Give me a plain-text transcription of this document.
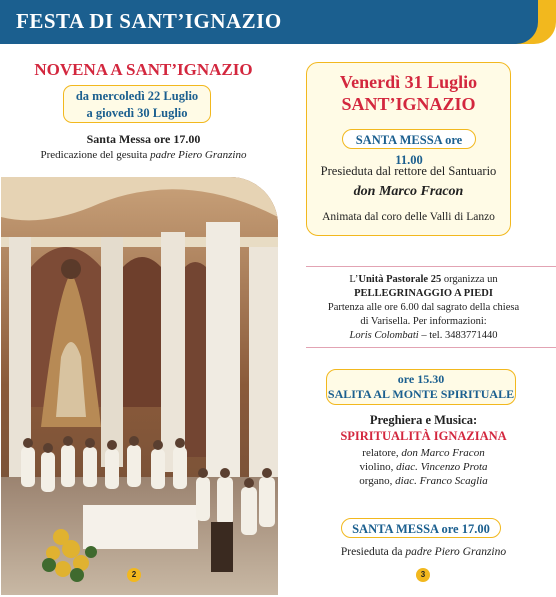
FESTA DI SANT’IGNAZIO
NOVENA A SANT’IGNAZIO
da mercoledì 22 Luglio
a giovedì 30 Luglio
Santa Messa ore 17.00
Predicazione del gesuita padre Piero Granzino
2
Venerdì 31 Luglio
SANT’IGNAZIO
SANTA MESSA ore 11.00
Presieduta dal rettore del Santuario
don Marco Fracon
Animata dal coro delle Valli di Lanzo
L’Unità Pastorale 25 organizza un
PELLEGRINAGGIO A PIEDI
Partenza alle ore 6.00 dal sagrato della chiesa
di Varisella. Per informazioni:
Loris Colombati – tel. 3483771440
ore 15.30
SALITA AL MONTE SPIRITUALE
Preghiera e Musica:
SPIRITUALITÀ IGNAZIANA
relatore, don Marco Fracon
violino, diac. Vincenzo Prota
organo, diac. Franco Scaglia
SANTA MESSA ore 17.00
Presieduta da padre Piero Granzino
3
